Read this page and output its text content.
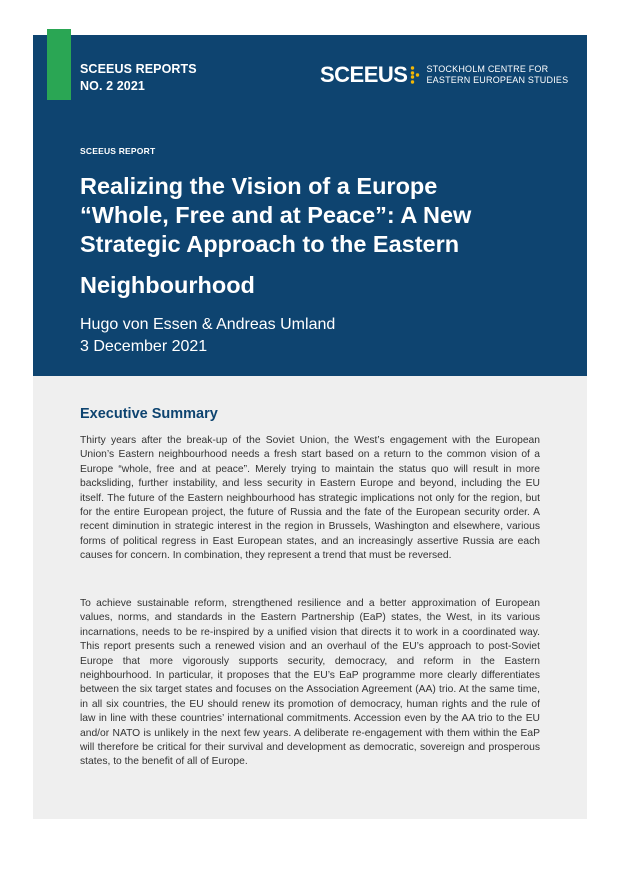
SCEEUS REPORTS
NO. 2 2021	SCEEUS STOCKHOLM CENTRE FOR
EASTERN EUROPEAN STUDIES
SCEEUS REPORT
Realizing the Vision of a Europe
“Whole, Free and at Peace”: A New
Strategic Approach to the Eastern
Neighbourhood
Hugo von Essen & Andreas Umland
3 December 2021
Executive Summary

Thirty years after the break-up of the Soviet Union, the West’s engagement with the European Union’s Eastern neighbourhood needs a fresh start based on a return to the common vision of a Europe “whole, free and at peace”. Merely trying to maintain the status quo will result in more backsliding, further instability, and less security in Eastern Europe and beyond, including the EU itself. The future of the Eastern neighbourhood has strategic implications not only for the region, but for the entire European project, the future of Russia and the fate of the European security order. A recent diminution in strategic interest in the region in Brussels, Washington and elsewhere, various forms of political regress in East European states, and an increasingly assertive Russia are each causes for concern. In combination, they represent a trend that must be reversed.

To achieve sustainable reform, strengthened resilience and a better approximation of European values, norms, and standards in the Eastern Partnership (EaP) states, the West, in its various incarnations, needs to be re-inspired by a unified vision that directs it to work in a coordinated way. This report presents such a renewed vision and an overhaul of the EU’s approach to post-Soviet Europe that more vigorously supports security, democracy, and reform in the Eastern neighbourhood. In particular, it proposes that the EU’s EaP programme more clearly differentiates between the six target states and focuses on the Association Agreement (AA) trio. At the same time, in all six countries, the EU should renew its promotion of democracy, human rights and the rule of law in line with these countries’ international commitments. Accession even by the AA trio to the EU and/or NATO is unlikely in the next few years. A deliberate re-engagement with them within the EaP will therefore be critical for their survival and development as democratic, sovereign and prosperous states, to the benefit of all of Europe.
